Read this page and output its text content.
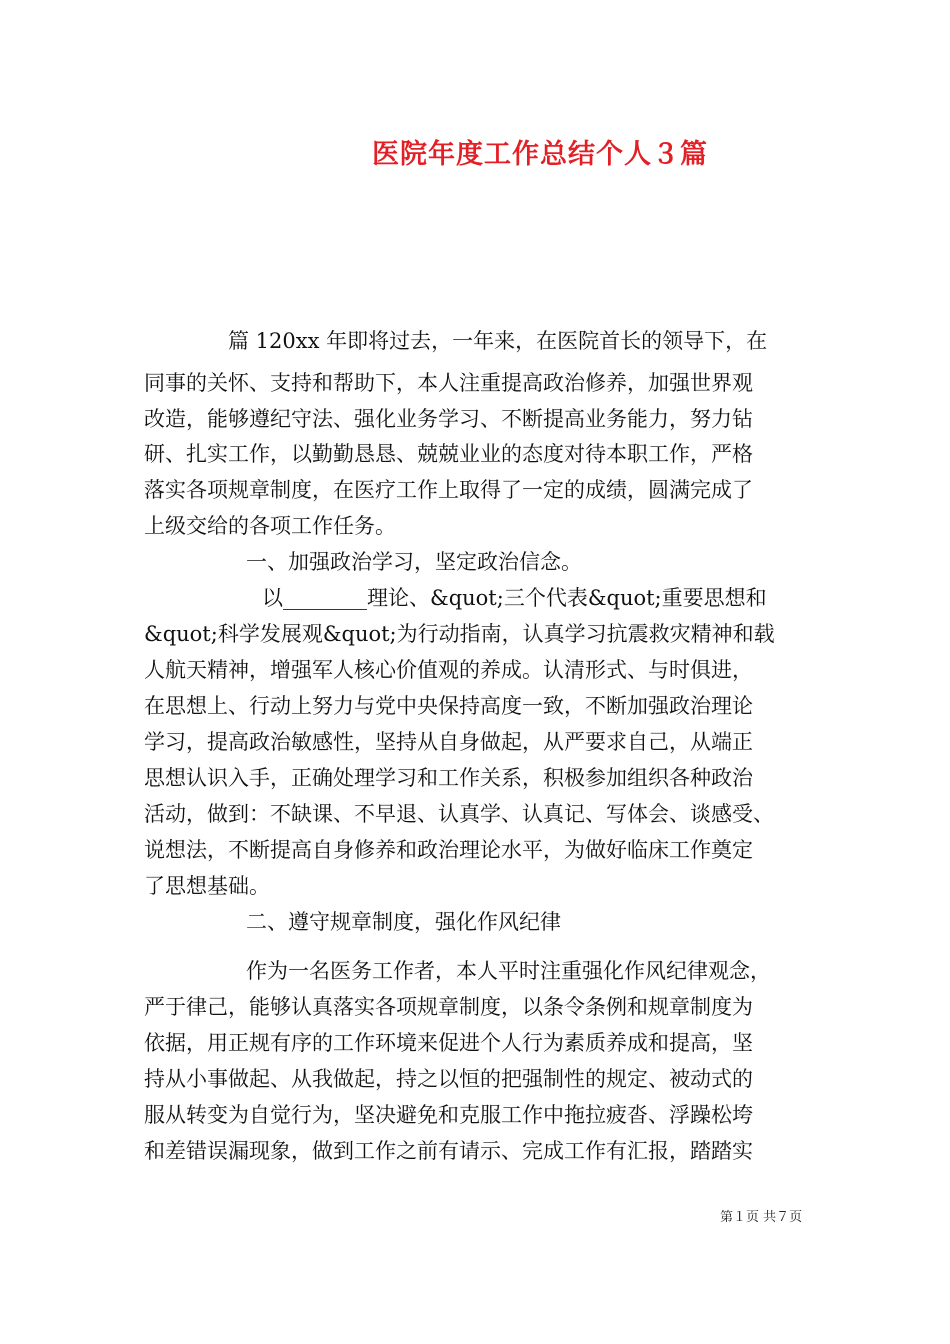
医院年度工作总结个人３篇
篇 120xx 年即将过去，一年来，在医院首长的领导下，在
同事的关怀、支持和帮助下，本人注重提高政治修养，加强世界观
改造，能够遵纪守法、强化业务学习、不断提高业务能力，努力钻
研、扎实工作，以勤勤恳恳、兢兢业业的态度对待本职工作，严格
落实各项规章制度，在医疗工作上取得了一定的成绩，圆满完成了
上级交给的各项工作任务。
一、加强政治学习，坚定政治信念。
以________理论、&quot;三个代表&quot;重要思想和
&quot;科学发展观&quot;为行动指南，认真学习抗震救灾精神和载
人航天精神，增强军人核心价值观的养成。认清形式、与时俱进，
在思想上、行动上努力与党中央保持高度一致，不断加强政治理论
学习，提高政治敏感性，坚持从自身做起，从严要求自己，从端正
思想认识入手，正确处理学习和工作关系，积极参加组织各种政治
活动，做到：不缺课、不早退、认真学、认真记、写体会、谈感受、
说想法，不断提高自身修养和政治理论水平，为做好临床工作奠定
了思想基础。
二、遵守规章制度，强化作风纪律
作为一名医务工作者，本人平时注重强化作风纪律观念，
严于律己，能够认真落实各项规章制度，以条令条例和规章制度为
依据，用正规有序的工作环境来促进个人行为素质养成和提高，坚
持从小事做起、从我做起，持之以恒的把强制性的规定、被动式的
服从转变为自觉行为，坚决避免和克服工作中拖拉疲沓、浮躁松垮
和差错误漏现象，做到工作之前有请示、完成工作有汇报，踏踏实
第１页 共７页
